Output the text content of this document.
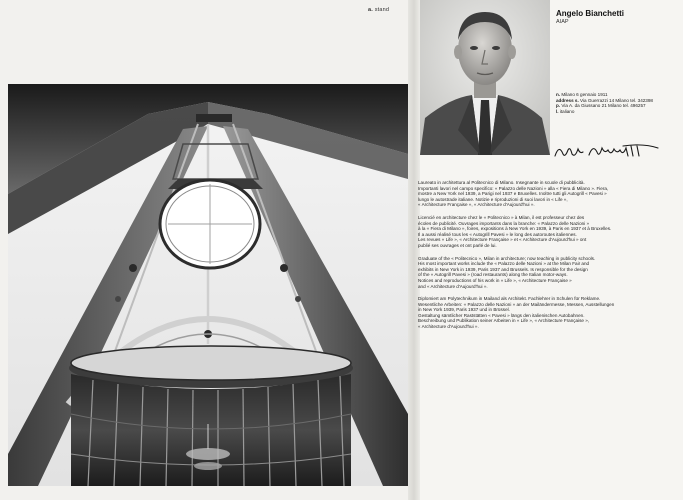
a. stand	Angelo Bianchetti
AIAP
n. Milano 6 gennaio 1911
address s. Via Guerrazzi 14 Milano tel. 342398
p. Via A. da Giussano 21 Milano tel. 496257
l. italiano

Laureato in architettura al Politecnico di Milano. Insegnante in scuole di pubblicità.
Importanti lavori nel campo specifico: « Palazzo delle Nazioni » alla « Fiera di Milano ». Fiera,
mostre a New York nel 1939, a Parigi nel 1937 e Bruxelles. Inoltre tutti gli Autogrill « Pavesi »
lungo le autostrade italiane. Notizie e riproduzioni di suoi lavori in « Life »,
« Architecture Française », « Architecture d'Aujourd'hui ».

Licencié en architecture chez le « Politecnico » à Milan, il est professeur chez des
écoles de publicité. Ouvrages importants dans la branche: « Palazzo delle Nazioni »
à la « Fiera di Milano », foires, expositions à New York en 1939, à Paris en 1937 et à Bruxelles.
Il a aussi réalisé tous les « Autogrill Pavesi » le long des autoroutes italiennes.
Les revues « Life », « Architecture Française » et « Architecture d'Aujourd'hui » ont
publié ses ouvrages et ont parlé de lui.

Graduate of the « Politecnico », Milan in architecture; now teaching in publicity schools.
His most important works include the « Palazzo delle Nazioni » at the Milan Fair and
exhibits in New York in 1939, Paris 1937 and Brussels. Is responsible for the design
of the « Autogrill Pavesi » (road restaurants) along the Italian motor-ways.
Notices and reproductions of his work in « Life », « Architecture Française »
and « Architecture d'Aujourd'hui ».

Diplomiert am Polytechnikum in Mailand als Architekt. Fachlehrer in Schulen für Reklame.
Wesentliche Arbeiten: « Palazzo delle Nazioni » an der Mailändermesse, Messen, Ausstellungen
in New York 1939, Paris 1937 und in Brüssel.
Gestaltung sämtlicher Raststätten « Pavesi » längs den italienischen Autobahnen.
Beschreibung und Publikation seiner Arbeiten in « Life », « Architecture Française »,
« Architecture d'Aujourd'hui ».
